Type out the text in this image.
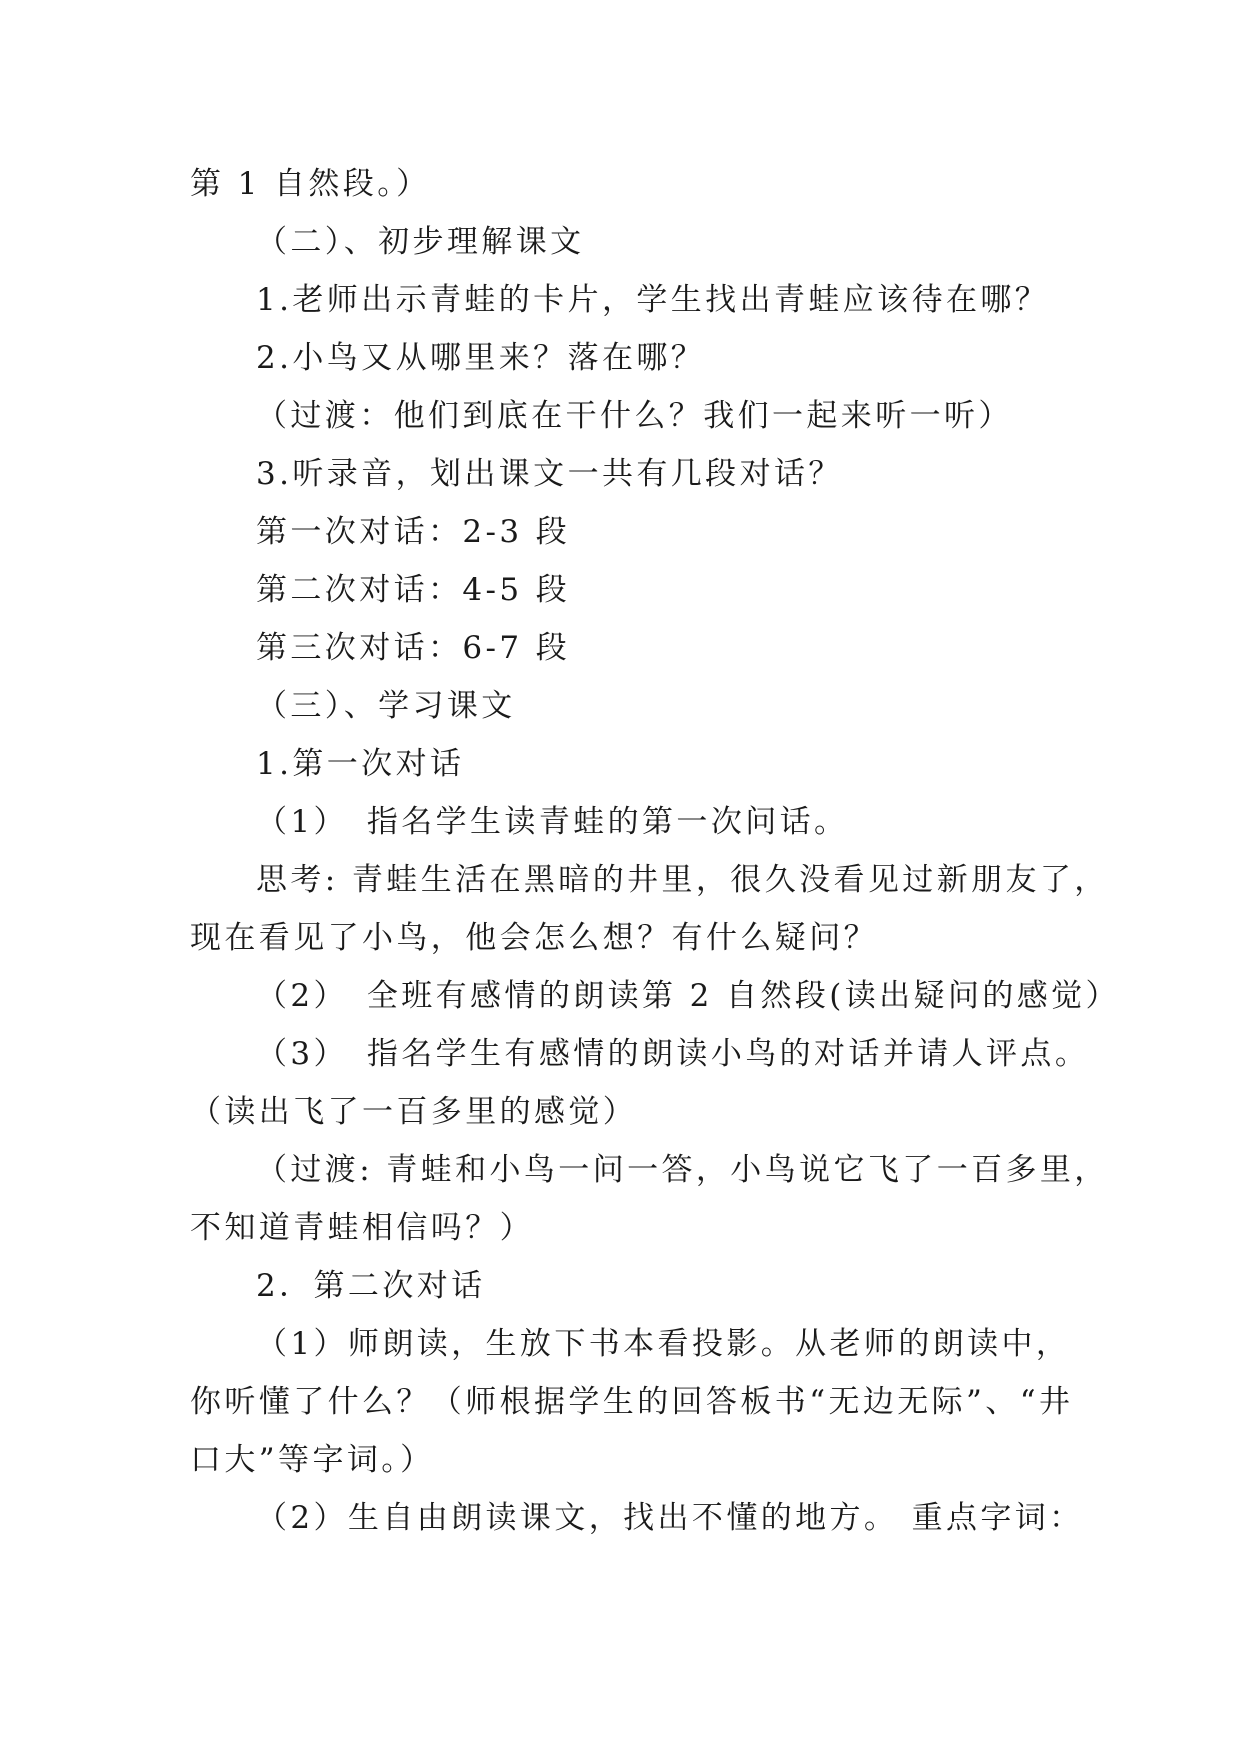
第 1 自然段。）
（二）、初步理解课文
1.老师出示青蛙的卡片，学生找出青蛙应该待在哪？
2.小鸟又从哪里来？落在哪？
（过渡：他们到底在干什么？我们一起来听一听）
3.听录音，划出课文一共有几段对话？
第一次对话：2-3 段
第二次对话：4-5 段
第三次对话：6-7 段
（三）、学习课文
1.第一次对话
（1）　指名学生读青蛙的第一次问话。
思考: 青蛙生活在黑暗的井里，很久没看见过新朋友了，
现在看见了小鸟，他会怎么想？有什么疑问？
（2）　全班有感情的朗读第 2 自然段(读出疑问的感觉）
（3）　指名学生有感情的朗读小鸟的对话并请人评点。
（读出飞了一百多里的感觉）
（过渡: 青蛙和小鸟一问一答，小鸟说它飞了一百多里，
不知道青蛙相信吗？）
2．第二次对话
（1）师朗读，生放下书本看投影。从老师的朗读中，
你听懂了什么？（师根据学生的回答板书“无边无际”、“井
口大”等字词。）
（2）生自由朗读课文，找出不懂的地方。 重点字词：
